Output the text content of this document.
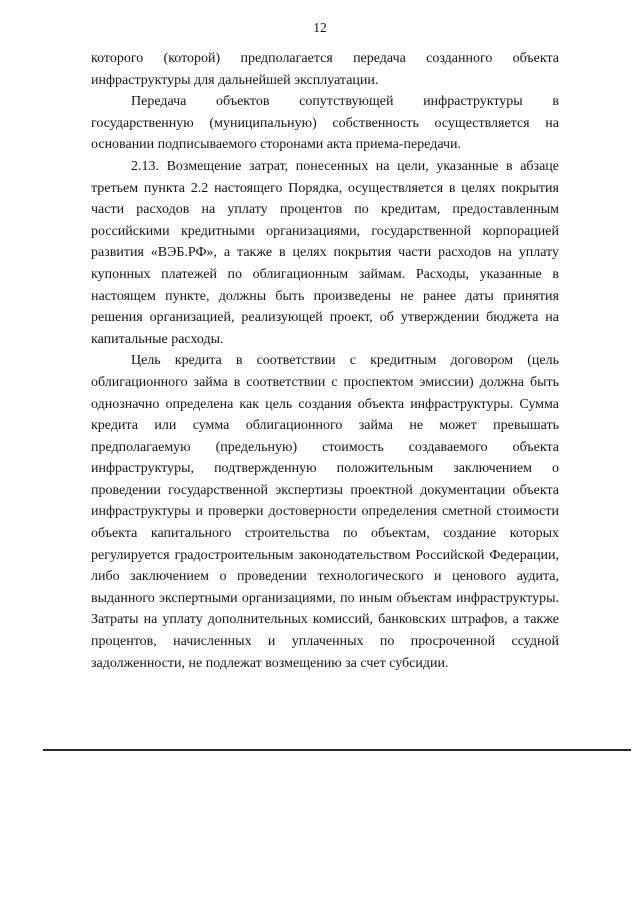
12

которого (которой) предполагается передача созданного объекта инфраструктуры для дальнейшей эксплуатации.

Передача объектов сопутствующей инфраструктуры в государственную (муниципальную) собственность осуществляется на основании подписываемого сторонами акта приема-передачи.

2.13. Возмещение затрат, понесенных на цели, указанные в абзаце третьем пункта 2.2 настоящего Порядка, осуществляется в целях покрытия части расходов на уплату процентов по кредитам, предоставленным российскими кредитными организациями, государственной корпорацией развития «ВЭБ.РФ», а также в целях покрытия части расходов на уплату купонных платежей по облигационным займам. Расходы, указанные в настоящем пункте, должны быть произведены не ранее даты принятия решения организацией, реализующей проект, об утверждении бюджета на капитальные расходы.

Цель кредита в соответствии с кредитным договором (цель облигационного займа в соответствии с проспектом эмиссии) должна быть однозначно определена как цель создания объекта инфраструктуры. Сумма кредита или сумма облигационного займа не может превышать предполагаемую (предельную) стоимость создаваемого объекта инфраструктуры, подтвержденную положительным заключением о проведении государственной экспертизы проектной документации объекта инфраструктуры и проверки достоверности определения сметной стоимости объекта капитального строительства по объектам, создание которых регулируется градостроительным законодательством Российской Федерации, либо заключением о проведении технологического и ценового аудита, выданного экспертными организациями, по иным объектам инфраструктуры. Затраты на уплату дополнительных комиссий, банковских штрафов, а также процентов, начисленных и уплаченных по просроченной ссудной задолженности, не подлежат возмещению за счет субсидии.
